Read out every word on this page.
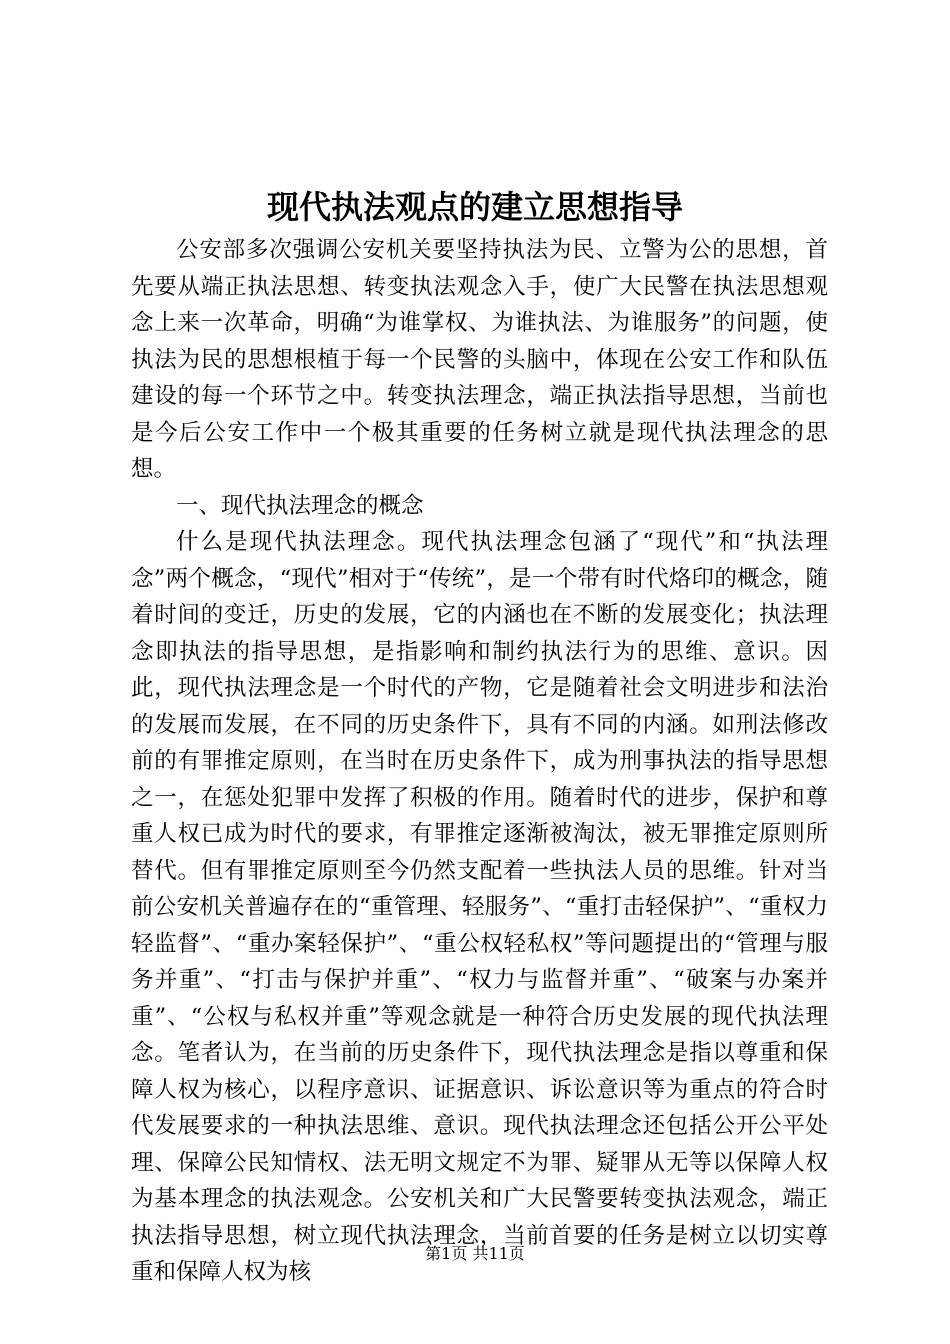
现代执法观点的建立思想指导

公安部多次强调公安机关要坚持执法为民、立警为公的思想，首先要从端正执法思想、转变执法观念入手，使广大民警在执法思想观念上来一次革命，明确“为谁掌权、为谁执法、为谁服务”的问题，使执法为民的思想根植于每一个民警的头脑中，体现在公安工作和队伍建设的每一个环节之中。转变执法理念，端正执法指导思想，当前也是今后公安工作中一个极其重要的任务树立就是现代执法理念的思想。

一、现代执法理念的概念

什么是现代执法理念。现代执法理念包涵了“现代”和“执法理念”两个概念，“现代”相对于“传统”，是一个带有时代烙印的概念，随着时间的变迁，历史的发展，它的内涵也在不断的发展变化；执法理念即执法的指导思想，是指影响和制约执法行为的思维、意识。因此，现代执法理念是一个时代的产物，它是随着社会文明进步和法治的发展而发展，在不同的历史条件下，具有不同的内涵。如刑法修改前的有罪推定原则，在当时在历史条件下，成为刑事执法的指导思想之一，在惩处犯罪中发挥了积极的作用。随着时代的进步，保护和尊重人权已成为时代的要求，有罪推定逐渐被淘汰，被无罪推定原则所替代。但有罪推定原则至今仍然支配着一些执法人员的思维。针对当前公安机关普遍存在的“重管理、轻服务”、“重打击轻保护”、“重权力轻监督”、“重办案轻保护”、“重公权轻私权”等问题提出的“管理与服务并重”、“打击与保护并重”、“权力与监督并重”、“破案与办案并重”、“公权与私权并重”等观念就是一种符合历史发展的现代执法理念。笔者认为，在当前的历史条件下，现代执法理念是指以尊重和保障人权为核心，以程序意识、证据意识、诉讼意识等为重点的符合时代发展要求的一种执法思维、意识。现代执法理念还包括公开公平处理、保障公民知情权、法无明文规定不为罪、疑罪从无等以保障人权为基本理念的执法观念。公安机关和广大民警要转变执法观念，端正执法指导思想，树立现代执法理念，当前首要的任务是树立以切实尊重和保障人权为核

第1页 共11页
